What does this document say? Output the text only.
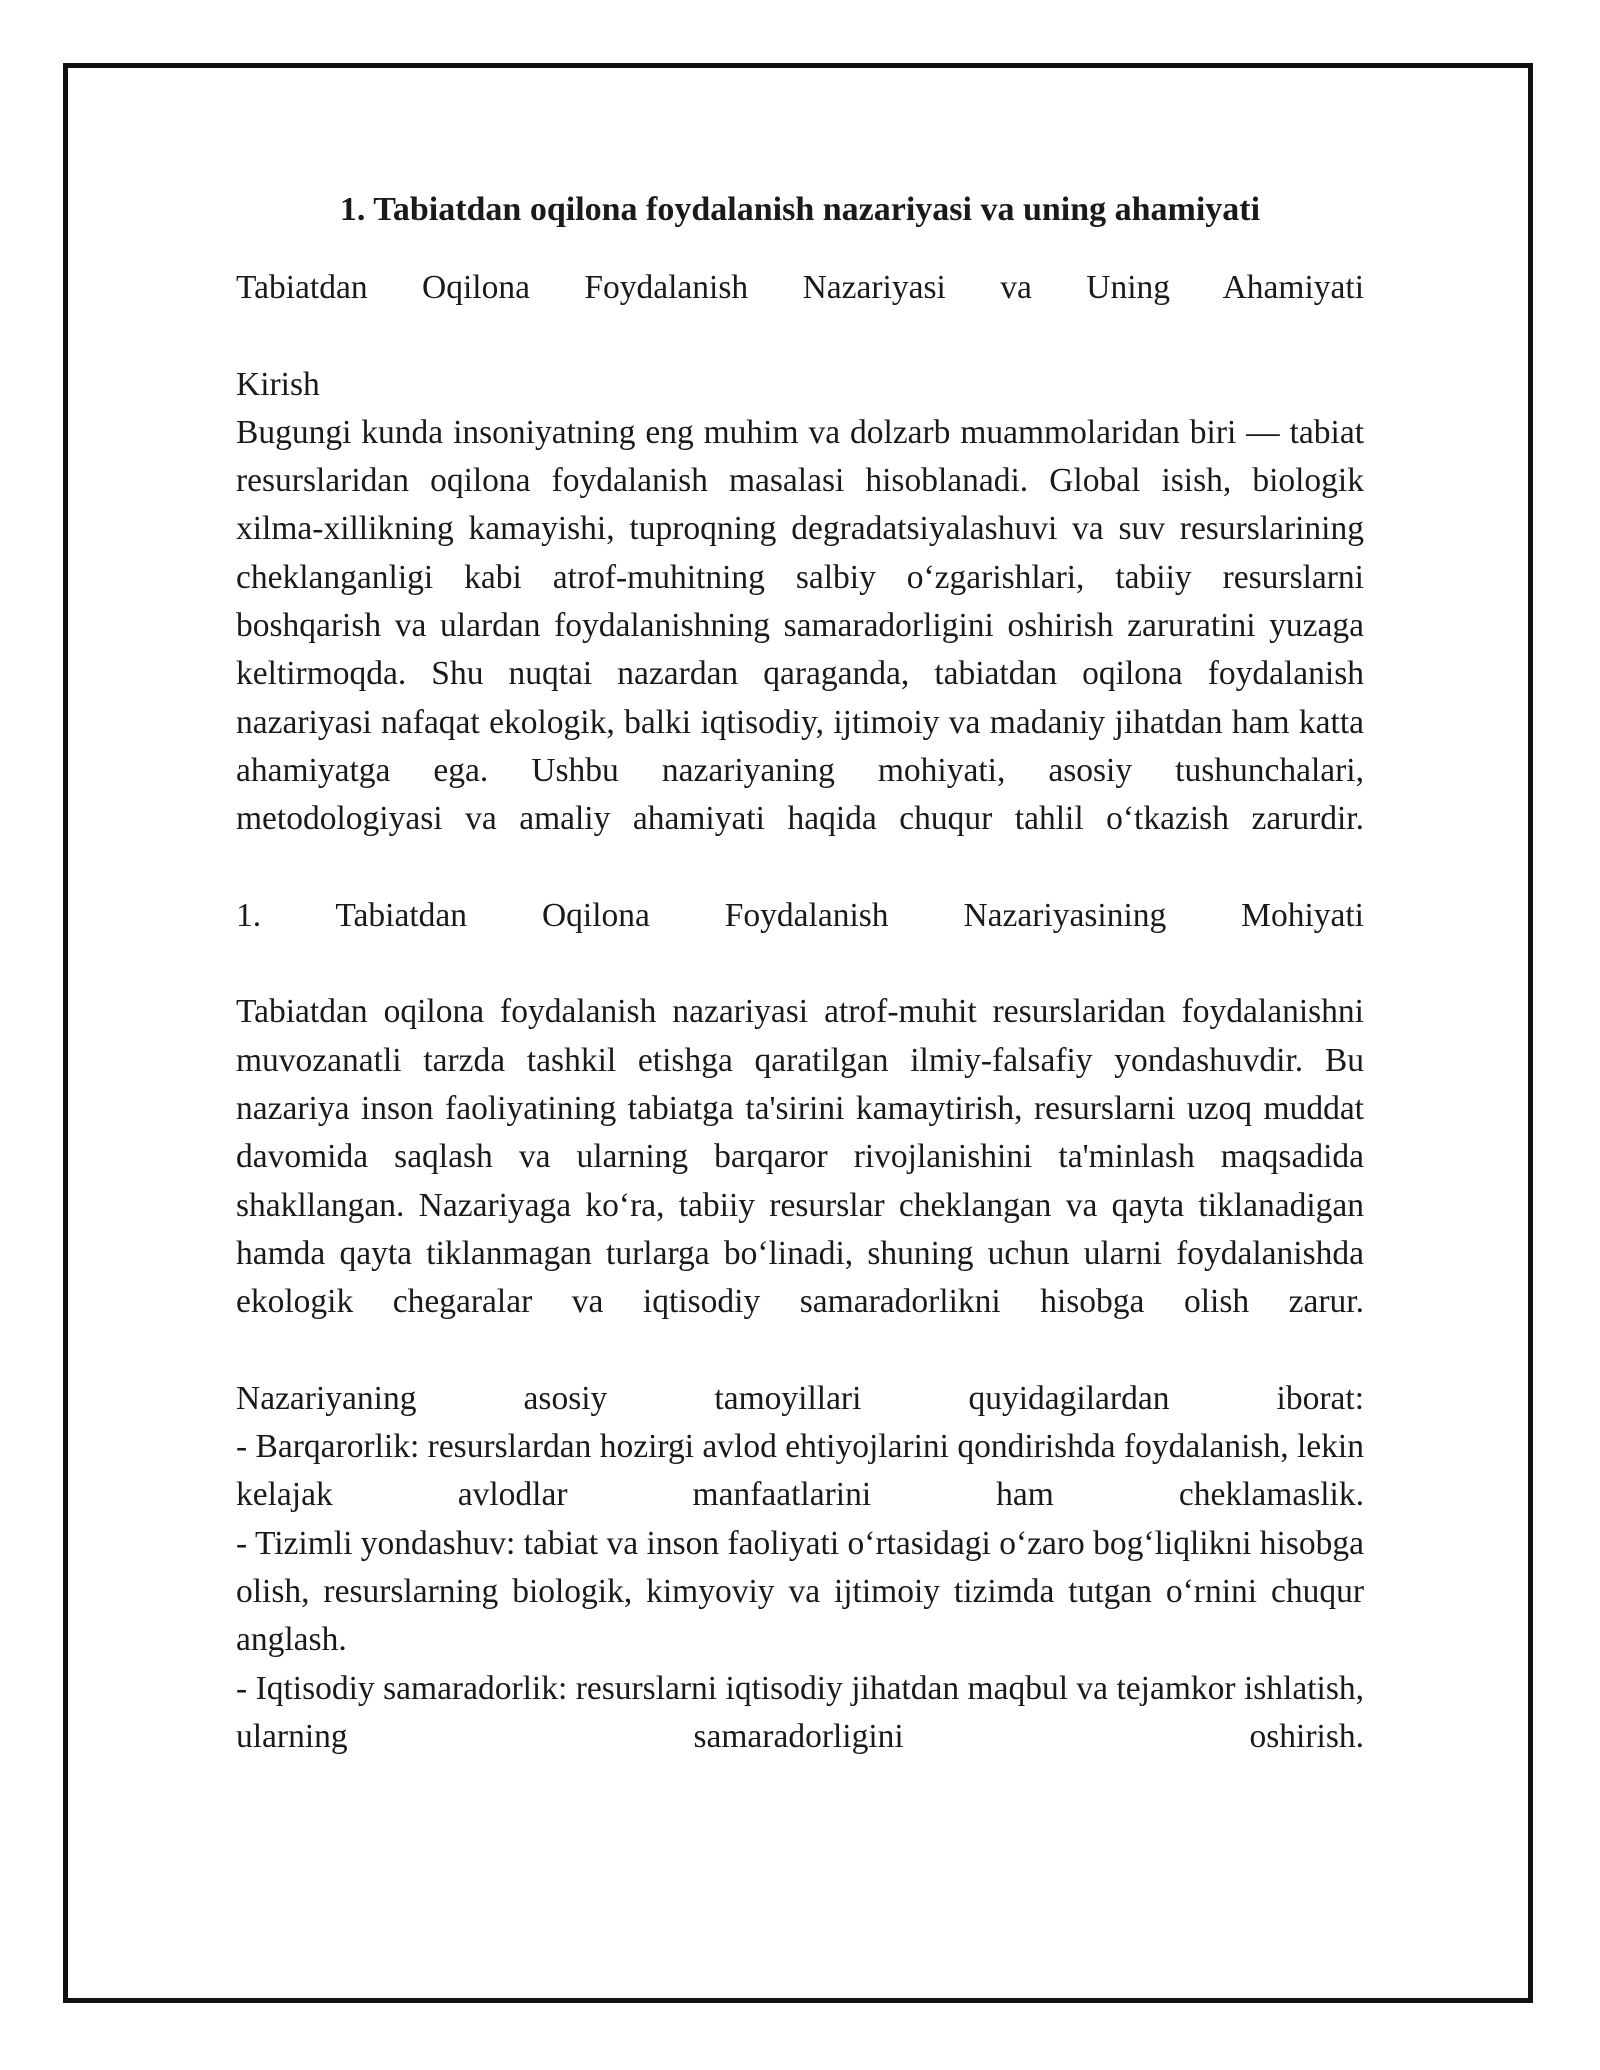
1. Tabiatdan oqilona foydalanish nazariyasi va uning ahamiyati

Tabiatdan Oqilona Foydalanish Nazariyasi va Uning Ahamiyati

Kirish

Bugungi kunda insoniyatning eng muhim va dolzarb muammolaridan biri — tabiat resurslaridan oqilona foydalanish masalasi hisoblanadi. Global isish, biologik xilma-xillikning kamayishi, tuproqning degradatsiyalashuvi va suv resurslarining cheklanganligi kabi atrof-muhitning salbiy oʻzgarishlari, tabiiy resurslarni boshqarish va ulardan foydalanishning samaradorligini oshirish zaruratini yuzaga keltirmoqda. Shu nuqtai nazardan qaraganda, tabiatdan oqilona foydalanish nazariyasi nafaqat ekologik, balki iqtisodiy, ijtimoiy va madaniy jihatdan ham katta ahamiyatga ega. Ushbu nazariyaning mohiyati, asosiy tushunchalari, metodologiyasi va amaliy ahamiyati haqida chuqur tahlil oʻtkazish zarurdir.

1. Tabiatdan Oqilona Foydalanish Nazariyasining Mohiyati

Tabiatdan oqilona foydalanish nazariyasi atrof-muhit resurslaridan foydalanishni muvozanatli tarzda tashkil etishga qaratilgan ilmiy-falsafiy yondashuvdir. Bu nazariya inson faoliyatining tabiatga ta'sirini kamaytirish, resurslarni uzoq muddat davomida saqlash va ularning barqaror rivojlanishini ta'minlash maqsadida shakllangan. Nazariyaga koʻra, tabiiy resurslar cheklangan va qayta tiklanadigan hamda qayta tiklanmagan turlarga boʻlinadi, shuning uchun ularni foydalanishda ekologik chegaralar va iqtisodiy samaradorlikni hisobga olish zarur.

Nazariyaning asosiy tamoyillari quyidagilardan iborat:

- Barqarorlik: resurslardan hozirgi avlod ehtiyojlarini qondirishda foydalanish, lekin kelajak avlodlar manfaatlarini ham cheklamaslik.

- Tizimli yondashuv: tabiat va inson faoliyati oʻrtasidagi oʻzaro bogʻliqlikni hisobga olish, resurslarning biologik, kimyoviy va ijtimoiy tizimda tutgan oʻrnini chuqur anglash.

- Iqtisodiy samaradorlik: resurslarni iqtisodiy jihatdan maqbul va tejamkor ishlatish, ularning samaradorligini oshirish.
